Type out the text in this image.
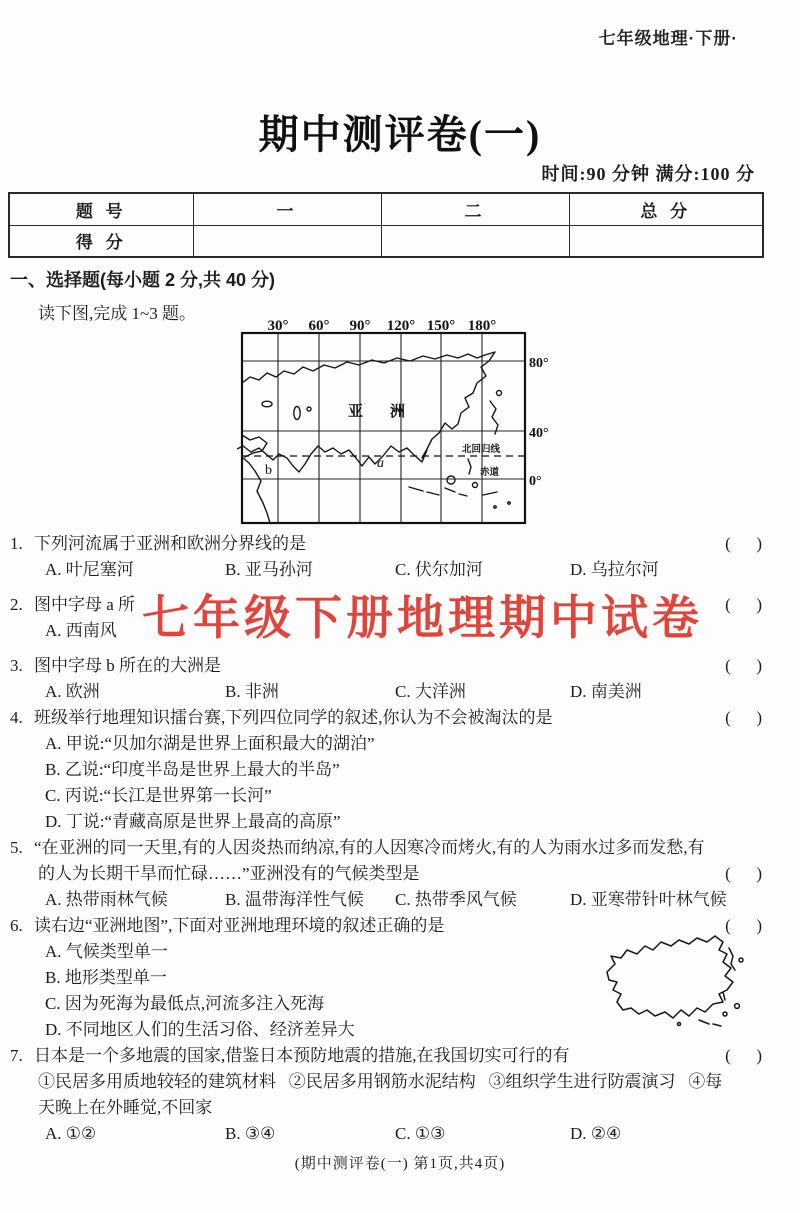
七年级地理·下册·
期中测评卷(一)
时间:90 分钟 满分:100 分
题 号	一	二	总 分
得 分			
一、选择题(每小题 2 分,共 40 分)
读下图,完成 1~3 题。
30° 60° 90° 120° 150° 180°
亚 洲
a
b
北回归线
赤道
80°
40°
0°
1. 下列河流属于亚洲和欧洲分界线的是	(      )
A. 叶尼塞河	B. 亚马孙河	C. 伏尔加河	D. 乌拉尔河
2. 图中字母 a 所	(      )
A. 西南风
3. 图中字母 b 所在的大洲是	(      )
A. 欧洲	B. 非洲	C. 大洋洲	D. 南美洲
4. 班级举行地理知识擂台赛,下列四位同学的叙述,你认为不会被淘汰的是	(      )
A. 甲说:“贝加尔湖是世界上面积最大的湖泊”
B. 乙说:“印度半岛是世界上最大的半岛”
C. 丙说:“长江是世界第一长河”
D. 丁说:“青藏高原是世界上最高的高原”
5. “在亚洲的同一天里,有的人因炎热而纳凉,有的人因寒冷而烤火,有的人为雨水过多而发愁,有
的人为长期干旱而忙碌……”亚洲没有的气候类型是	(      )
A. 热带雨林气候	B. 温带海洋性气候	C. 热带季风气候	D. 亚寒带针叶林气候
6. 读右边“亚洲地图”,下面对亚洲地理环境的叙述正确的是	(      )
A. 气候类型单一
B. 地形类型单一
C. 因为死海为最低点,河流多注入死海
D. 不同地区人们的生活习俗、经济差异大
7. 日本是一个多地震的国家,借鉴日本预防地震的措施,在我国切实可行的有	(      )
①民居多用质地较轻的建筑材料   ②民居多用钢筋水泥结构   ③组织学生进行防震演习   ④每
天晚上在外睡觉,不回家
A. ①②	B. ③④	C. ①③	D. ②④
七年级下册地理期中试卷
(期中测评卷(一) 第1页,共4页)
